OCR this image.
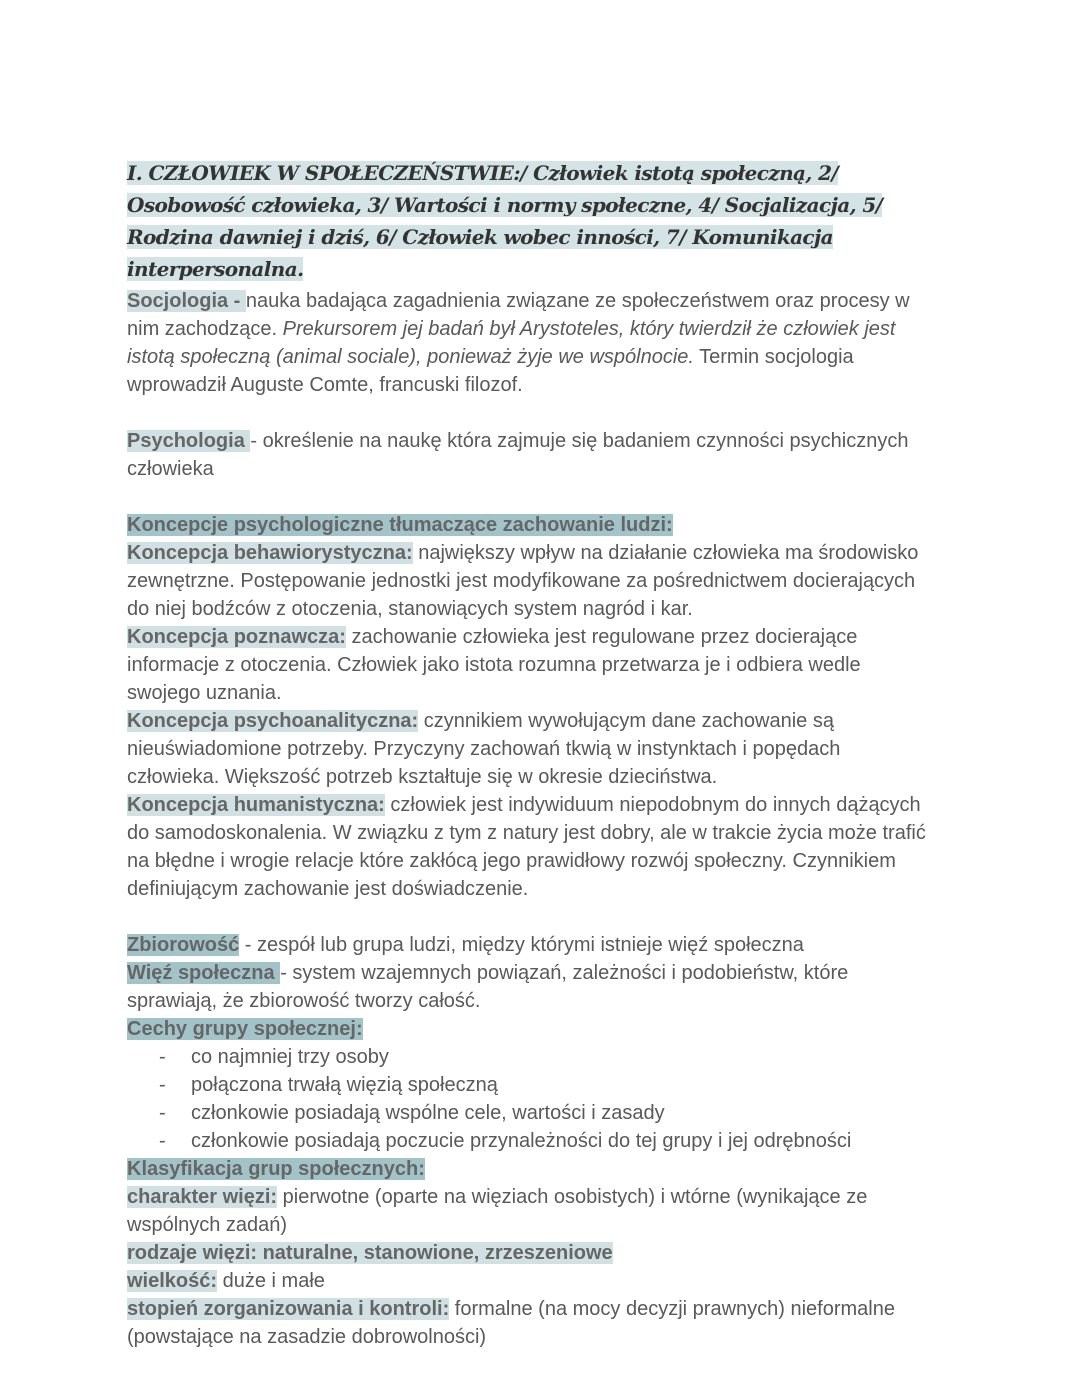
I. CZŁOWIEK W SPOŁECZEŃSTWIE:/ Człowiek istotą społeczną, 2/ Osobowość człowieka, 3/ Wartości i normy społeczne, 4/ Socjalizacja, 5/ Rodzina dawniej i dziś, 6/ Człowiek wobec inności, 7/ Komunikacja interpersonalna.

Socjologia - nauka badająca zagadnienia związane ze społeczeństwem oraz procesy w nim zachodzące. Prekursorem jej badań był Arystoteles, który twierdził że człowiek jest istotą społeczną (animal sociale), ponieważ żyje we wspólnocie. Termin socjologia wprowadził Auguste Comte, francuski filozof.

Psychologia - określenie na naukę która zajmuje się badaniem czynności psychicznych człowieka

Koncepcje psychologiczne tłumaczące zachowanie ludzi:

Koncepcja behawiorystyczna: największy wpływ na działanie człowieka ma środowisko zewnętrzne. Postępowanie jednostki jest modyfikowane za pośrednictwem docierających do niej bodźców z otoczenia, stanowiących system nagród i kar.

Koncepcja poznawcza: zachowanie człowieka jest regulowane przez docierające informacje z otoczenia. Człowiek jako istota rozumna przetwarza je i odbiera wedle swojego uznania.

Koncepcja psychoanalityczna: czynnikiem wywołującym dane zachowanie są nieuświadomione potrzeby. Przyczyny zachowań tkwią w instynktach i popędach człowieka. Większość potrzeb kształtuje się w okresie dzieciństwa.

Koncepcja humanistyczna: człowiek jest indywiduum niepodobnym do innych dążących do samodoskonalenia. W związku z tym z natury jest dobry, ale w trakcie życia może trafić na błędne i wrogie relacje które zakłócą jego prawidłowy rozwój społeczny. Czynnikiem definiującym zachowanie jest doświadczenie.

Zbiorowość - zespół lub grupa ludzi, między którymi istnieje więź społeczna

Więź społeczna - system wzajemnych powiązań, zależności i podobieństw, które sprawiają, że zbiorowość tworzy całość.

Cechy grupy społecznej:

- co najmniej trzy osoby
- połączona trwałą więzią społeczną
- członkowie posiadają wspólne cele, wartości i zasady
- członkowie posiadają poczucie przynależności do tej grupy i jej odrębności

Klasyfikacja grup społecznych:

charakter więzi: pierwotne (oparte na więziach osobistych) i wtórne (wynikające ze wspólnych zadań)

rodzaje więzi: naturalne, stanowione, zrzeszeniowe

wielkość: duże i małe

stopień zorganizowania i kontroli: formalne (na mocy decyzji prawnych) nieformalne (powstające na zasadzie dobrowolności)
